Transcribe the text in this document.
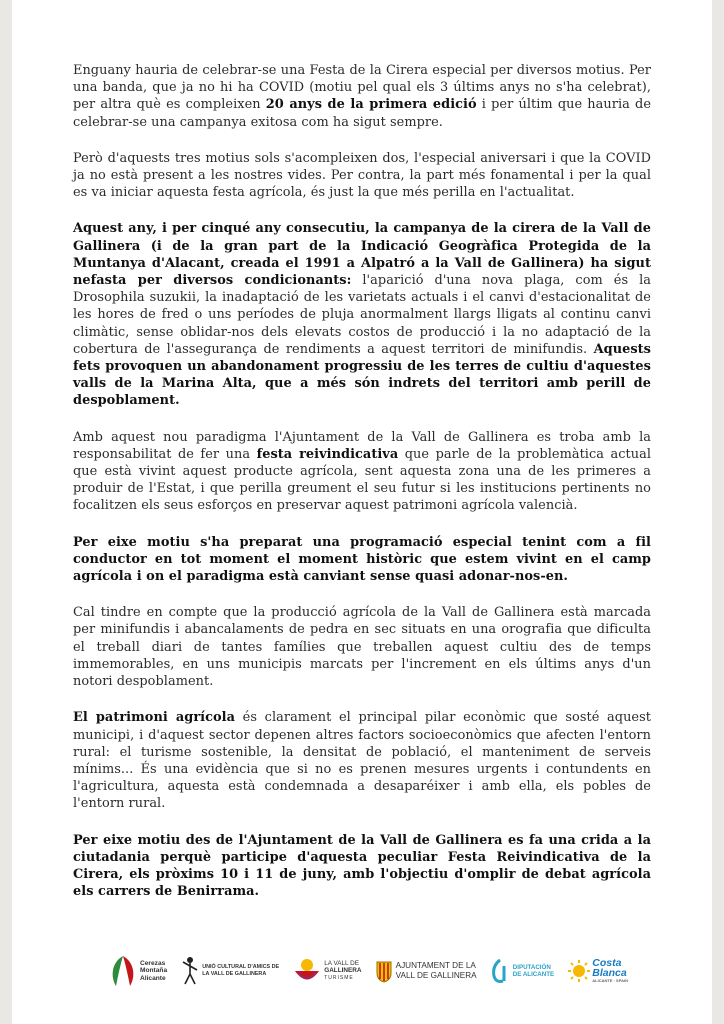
Enguany hauria de celebrar-se una Festa de la Cirera especial per diversos motius. Per una banda, que ja no hi ha COVID (motiu pel qual els 3 últims anys no s'ha celebrat), per altra què es compleixen 20 anys de la primera edició i per últim que hauria de celebrar-se una campanya exitosa com ha sigut sempre.

Però d'aquests tres motius sols s'acompleixen dos, l'especial aniversari i que la COVID ja no està present a les nostres vides. Per contra, la part més fonamental i per la qual es va iniciar aquesta festa agrícola, és just la que més perilla en l'actualitat.

Aquest any, i per cinqué any consecutiu, la campanya de la cirera de la Vall de Gallinera (i de la gran part de la Indicació Geogràfica Protegida de la Muntanya d'Alacant, creada el 1991 a Alpatró a la Vall de Gallinera) ha sigut nefasta per diversos condicionants: l'aparició d'una nova plaga, com és la Drosophila suzukii, la inadaptació de les varietats actuals i el canvi d'estacionalitat de les hores de fred o uns períodes de pluja anormalment llargs lligats al continu canvi climàtic, sense oblidar-nos dels elevats costos de producció i la no adaptació de la cobertura de l'assegurança de rendiments a aquest territori de minifundis. Aquests fets provoquen un abandonament progressiu de les terres de cultiu d'aquestes valls de la Marina Alta, que a més són indrets del territori amb perill de despoblament.

Amb aquest nou paradigma l'Ajuntament de la Vall de Gallinera es troba amb la responsabilitat de fer una festa reivindicativa que parle de la problemàtica actual que està vivint aquest producte agrícola, sent aquesta zona una de les primeres a produir de l'Estat, i que perilla greument el seu futur si les institucions pertinents no focalitzen els seus esforços en preservar aquest patrimoni agrícola valencià.

Per eixe motiu s'ha preparat una programació especial tenint com a fil conductor en tot moment el moment històric que estem vivint en el camp agrícola i on el paradigma està canviant sense quasi adonar-nos-en.

Cal tindre en compte que la producció agrícola de la Vall de Gallinera està marcada per minifundis i abancalaments de pedra en sec situats en una orografia que dificulta el treball diari de tantes famílies que treballen aquest cultiu des de temps immemorables, en uns municipis marcats per l'increment en els últims anys d'un notori despoblament.

El patrimoni agrícola és clarament el principal pilar econòmic que sosté aquest municipi, i d'aquest sector depenen altres factors socioeconòmics que afecten l'entorn rural: el turisme sostenible, la densitat de població, el manteniment de serveis mínims... És una evidència que si no es prenen mesures urgents i contundents en l'agricultura, aquesta està condemnada a desaparéixer i amb ella, els pobles de l'entorn rural.

Per eixe motiu des de l'Ajuntament de la Vall de Gallinera es fa una crida a la ciutadania perquè participe d'aquesta peculiar Festa Reivindicativa de la Cirera, els pròxims 10 i 11 de juny, amb l'objectiu d'omplir de debat agrícola els carrers de Benirrama.

Cerezas
Montaña
Alicante
UNIÓ CULTURAL D'AMICS DE
LA VALL DE GALLINERA
LA VALL DE
GALLINERA
TURISME
AJUNTAMENT DE LA
VALL DE GALLINERA
DIPUTACIÓN
DE ALICANTE
Costa
Blanca
ALICANTE · SPAIN
